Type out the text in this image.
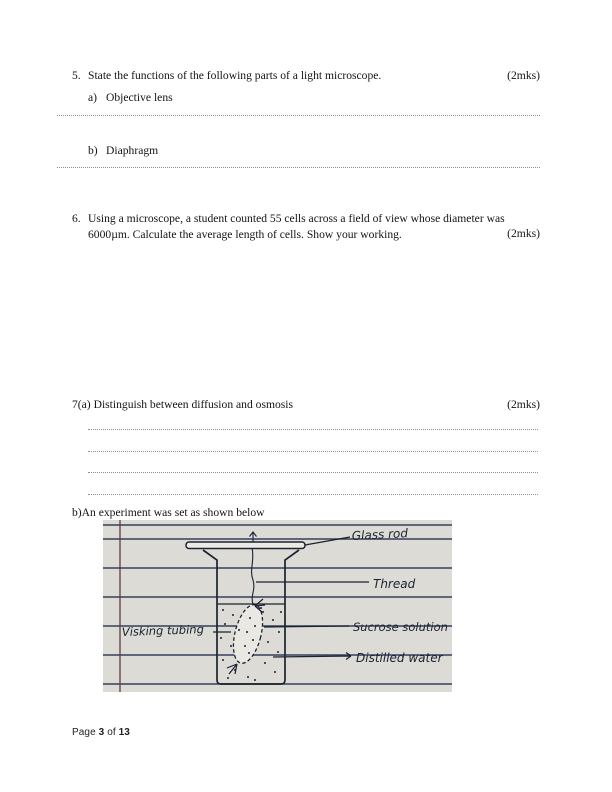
5. State the functions of the following parts of a light microscope.	(2mks)
a) Objective lens
b) Diaphragm
6. Using a microscope, a student counted 55 cells across a field of view whose diameter was
6000µm. Calculate the average length of cells. Show your working.	(2mks)
7(a) Distinguish between diffusion and osmosis	(2mks)
b)An experiment was set as shown below
Glass rod
Thread
Sucrose solution
Distilled water
Visking tubing
Page 3 of 13
